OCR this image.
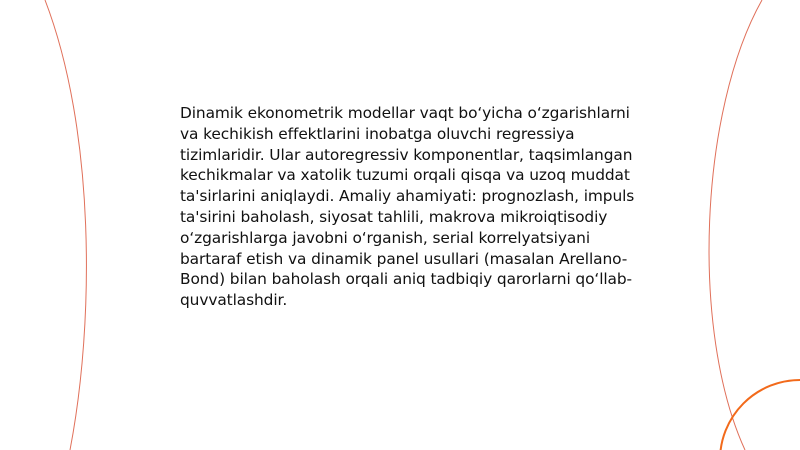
Dinamik ekonometrik modellar vaqt bo‘yicha o‘zgarishlarni va kechikish effektlarini inobatga oluvchi regressiya tizimlaridir. Ular autoregressiv komponentlar, taqsimlangan kechikmalar va xatolik tuzumi orqali qisqa va uzoq muddat ta'sirlarini aniqlaydi. Amaliy ahamiyati: prognozlash, impuls ta'sirini baholash, siyosat tahlili, makrova mikroiqtisodiy o‘zgarishlarga javobni o‘rganish, serial korrelyatsiyani bartaraf etish va dinamik panel usullari (masalan Arellano-Bond) bilan baholash orqali aniq tadbiqiy qarorlarni qo‘llab-quvvatlashdir.
